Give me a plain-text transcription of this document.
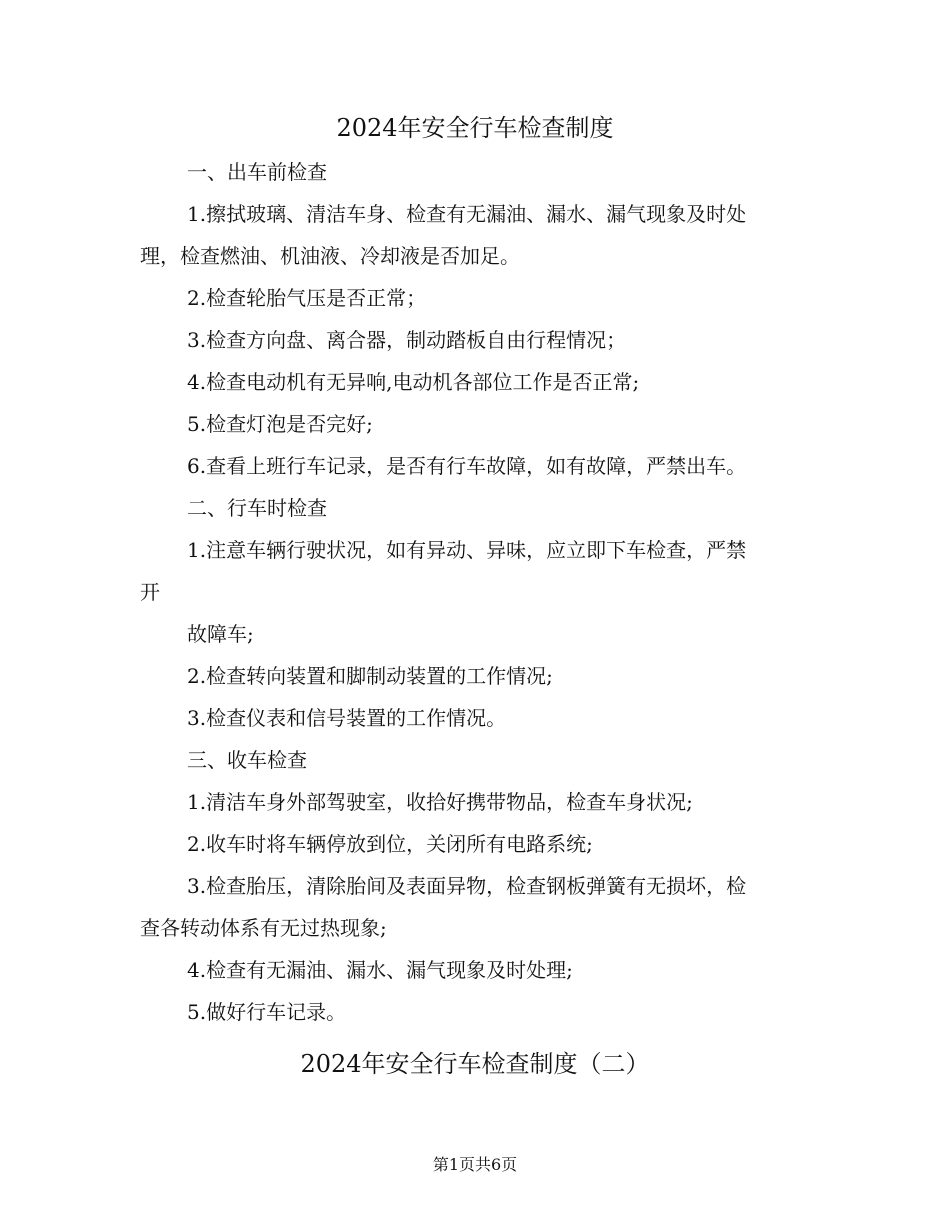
2024年安全行车检查制度
一、出车前检查
1.擦拭玻璃、清洁车身、检查有无漏油、漏水、漏气现象及时处
理，检查燃油、机油液、冷却液是否加足。
2.检查轮胎气压是否正常；
3.检查方向盘、离合器，制动踏板自由行程情况；
4.检查电动机有无异响,电动机各部位工作是否正常;
5.检查灯泡是否完好;
6.查看上班行车记录，是否有行车故障，如有故障，严禁出车。
二、行车时检查
1.注意车辆行驶状况，如有异动、异味，应立即下车检查，严禁
开
故障车;
2.检查转向装置和脚制动装置的工作情况;
3.检查仪表和信号装置的工作情况。
三、收车检查
1.清洁车身外部驾驶室，收拾好携带物品，检查车身状况;
2.收车时将车辆停放到位，关闭所有电路系统;
3.检查胎压，清除胎间及表面异物，检查钢板弹簧有无损坏，检
查各转动体系有无过热现象;
4.检查有无漏油、漏水、漏气现象及时处理;
5.做好行车记录。
2024年安全行车检查制度（二）
第1页共6页
